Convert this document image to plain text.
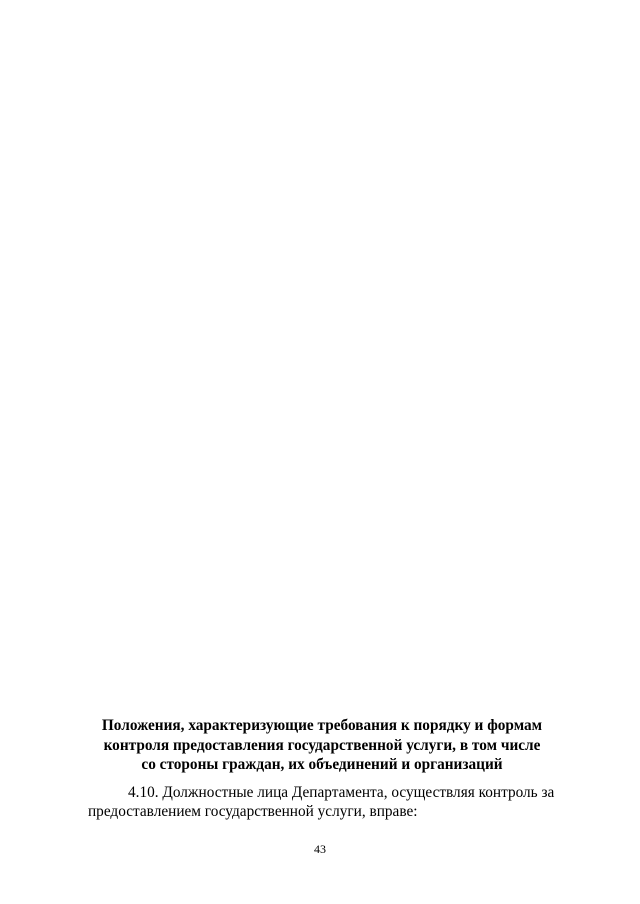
Положения, характеризующие требования к порядку и формам
контроля предоставления государственной услуги, в том числе
со стороны граждан, их объединений и организаций
4.10. Должностные лица Департамента, осуществляя контроль за
предоставлением государственной услуги, вправе:
43
